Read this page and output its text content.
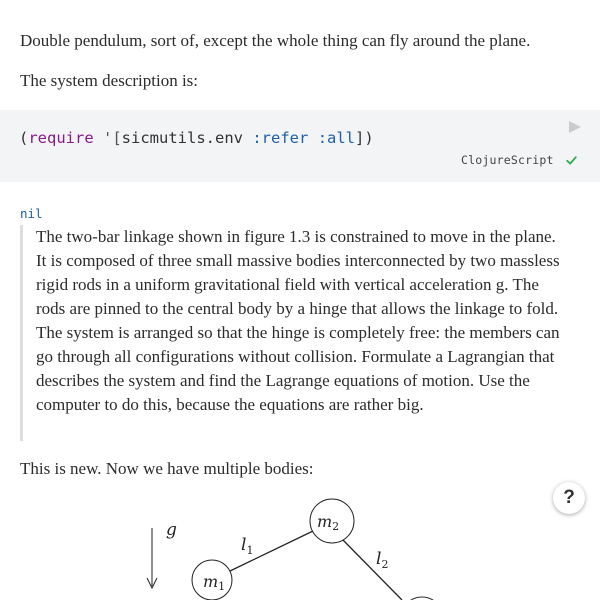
Double pendulum, sort of, except the whole thing can fly around the plane.

The system description is:

(require '[sicmutils.env :refer :all])
ClojureScript
nil

The two-bar linkage shown in figure 1.3 is constrained to move in the plane. It is composed of three small massive bodies interconnected by two massless rigid rods in a uniform gravitational field with vertical acceleration g. The rods are pinned to the central body by a hinge that allows the linkage to fold. The system is arranged so that the hinge is completely free: the members can go through all configurations without collision. Formulate a Lagrangian that describes the system and find the Lagrange equations of motion. Use the computer to do this, because the equations are rather big.

This is new. Now we have multiple bodies:

g
$l_1$	$l_2$
m1
m2
?
